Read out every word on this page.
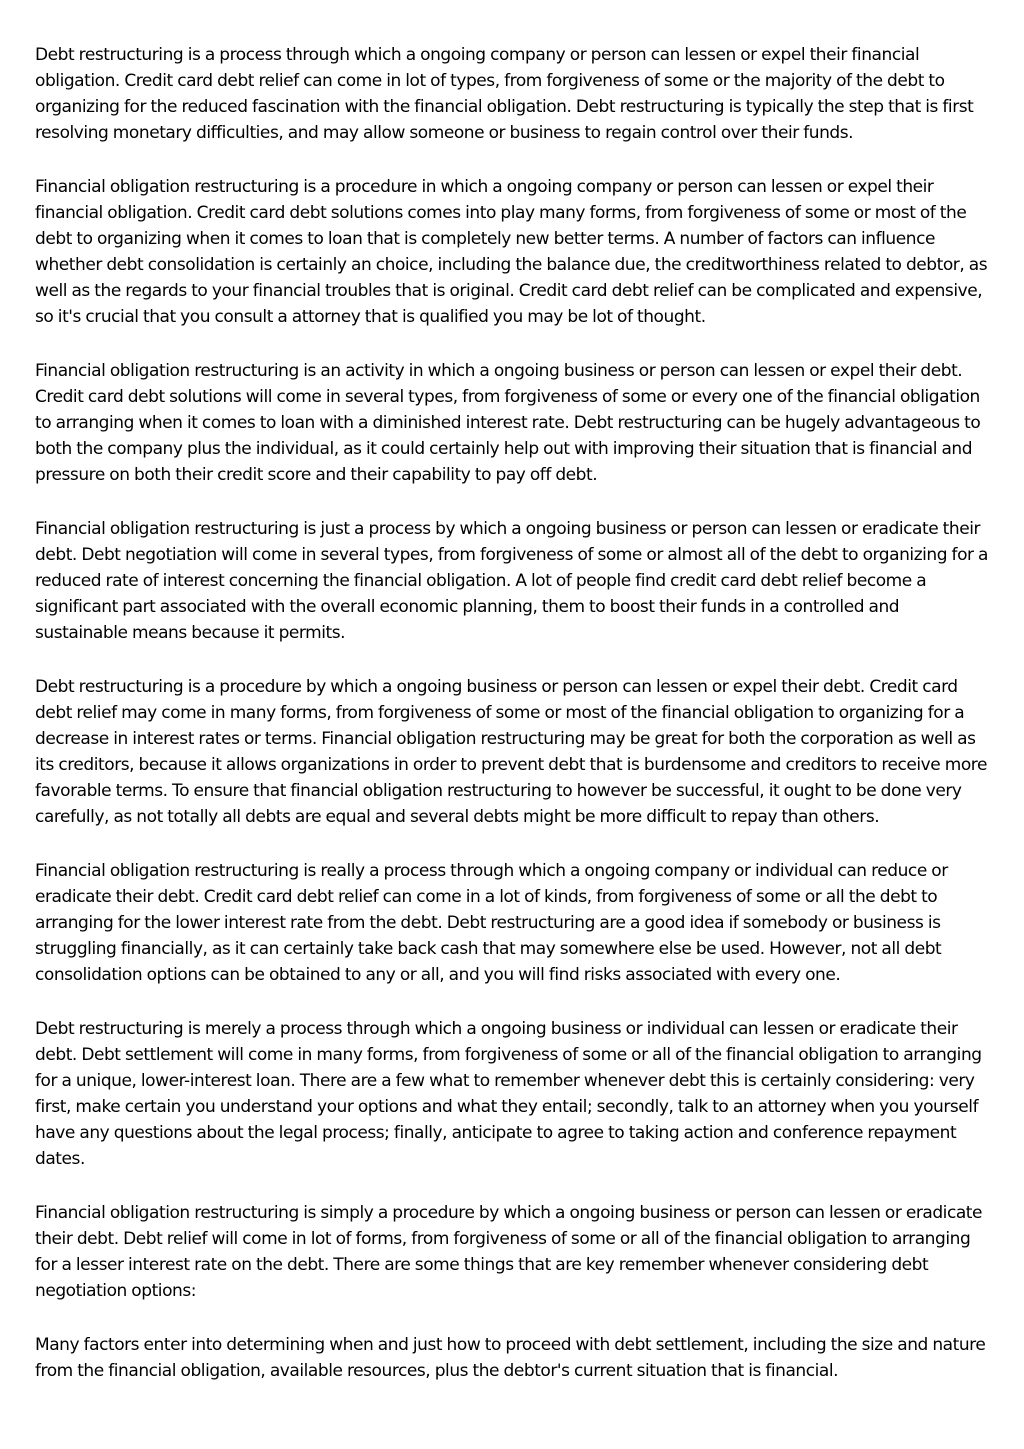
Debt restructuring is a process through which a ongoing company or person can lessen or expel their financial obligation. Credit card debt relief can come in lot of types, from forgiveness of some or the majority of the debt to organizing for the reduced fascination with the financial obligation. Debt restructuring is typically the step that is first resolving monetary difficulties, and may allow someone or business to regain control over their funds.

Financial obligation restructuring is a procedure in which a ongoing company or person can lessen or expel their financial obligation. Credit card debt solutions comes into play many forms, from forgiveness of some or most of the debt to organizing when it comes to loan that is completely new better terms. A number of factors can influence whether debt consolidation is certainly an choice, including the balance due, the creditworthiness related to debtor, as well as the regards to your financial troubles that is original. Credit card debt relief can be complicated and expensive, so it's crucial that you consult a attorney that is qualified you may be lot of thought.

Financial obligation restructuring is an activity in which a ongoing business or person can lessen or expel their debt. Credit card debt solutions will come in several types, from forgiveness of some or every one of the financial obligation to arranging when it comes to loan with a diminished interest rate. Debt restructuring can be hugely advantageous to both the company plus the individual, as it could certainly help out with improving their situation that is financial and pressure on both their credit score and their capability to pay off debt.

Financial obligation restructuring is just a process by which a ongoing business or person can lessen or eradicate their debt. Debt negotiation will come in several types, from forgiveness of some or almost all of the debt to organizing for a reduced rate of interest concerning the financial obligation. A lot of people find credit card debt relief become a significant part associated with the overall economic planning, them to boost their funds in a controlled and sustainable means because it permits.

Debt restructuring is a procedure by which a ongoing business or person can lessen or expel their debt. Credit card debt relief may come in many forms, from forgiveness of some or most of the financial obligation to organizing for a decrease in interest rates or terms. Financial obligation restructuring may be great for both the corporation as well as its creditors, because it allows organizations in order to prevent debt that is burdensome and creditors to receive more favorable terms. To ensure that financial obligation restructuring to however be successful, it ought to be done very carefully, as not totally all debts are equal and several debts might be more difficult to repay than others.

Financial obligation restructuring is really a process through which a ongoing company or individual can reduce or eradicate their debt. Credit card debt relief can come in a lot of kinds, from forgiveness of some or all the debt to arranging for the lower interest rate from the debt. Debt restructuring are a good idea if somebody or business is struggling financially, as it can certainly take back cash that may somewhere else be used. However, not all debt consolidation options can be obtained to any or all, and you will find risks associated with every one.

Debt restructuring is merely a process through which a ongoing business or individual can lessen or eradicate their debt. Debt settlement will come in many forms, from forgiveness of some or all of the financial obligation to arranging for a unique, lower-interest loan. There are a few what to remember whenever debt this is certainly considering: very first, make certain you understand your options and what they entail; secondly, talk to an attorney when you yourself have any questions about the legal process; finally, anticipate to agree to taking action and conference repayment dates.

Financial obligation restructuring is simply a procedure by which a ongoing business or person can lessen or eradicate their debt. Debt relief will come in lot of forms, from forgiveness of some or all of the financial obligation to arranging for a lesser interest rate on the debt. There are some things that are key remember whenever considering debt negotiation options:

Many factors enter into determining when and just how to proceed with debt settlement, including the size and nature from the financial obligation, available resources, plus the debtor's current situation that is financial.
